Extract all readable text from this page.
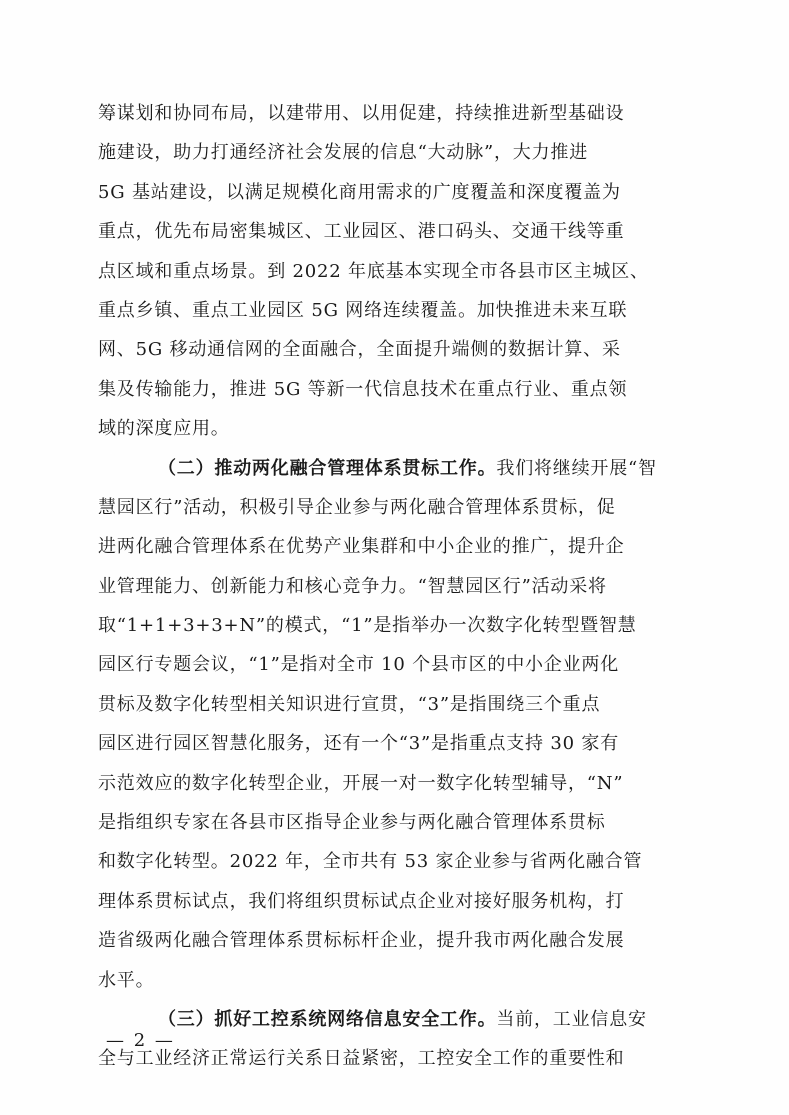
筹谋划和协同布局，以建带用、以用促建，持续推进新型基础设
施建设，助力打通经济社会发展的信息“大动脉”，大力推进
5G 基站建设，以满足规模化商用需求的广度覆盖和深度覆盖为
重点，优先布局密集城区、工业园区、港口码头、交通干线等重
点区域和重点场景。到 2022 年底基本实现全市各县市区主城区、
重点乡镇、重点工业园区 5G 网络连续覆盖。加快推进未来互联
网、5G 移动通信网的全面融合，全面提升端侧的数据计算、采
集及传输能力，推进 5G 等新一代信息技术在重点行业、重点领
域的深度应用。
（二）推动两化融合管理体系贯标工作。我们将继续开展“智
慧园区行”活动，积极引导企业参与两化融合管理体系贯标，促
进两化融合管理体系在优势产业集群和中小企业的推广，提升企
业管理能力、创新能力和核心竞争力。“智慧园区行”活动采将
取“1+1+3+3+N”的模式，“1”是指举办一次数字化转型暨智慧
园区行专题会议，“1”是指对全市 10 个县市区的中小企业两化
贯标及数字化转型相关知识进行宣贯，“3”是指围绕三个重点
园区进行园区智慧化服务，还有一个“3”是指重点支持 30 家有
示范效应的数字化转型企业，开展一对一数字化转型辅导，“N”
是指组织专家在各县市区指导企业参与两化融合管理体系贯标
和数字化转型。2022 年，全市共有 53 家企业参与省两化融合管
理体系贯标试点，我们将组织贯标试点企业对接好服务机构，打
造省级两化融合管理体系贯标标杆企业，提升我市两化融合发展
水平。
（三）抓好工控系统网络信息安全工作。当前，工业信息安
全与工业经济正常运行关系日益紧密，工控安全工作的重要性和
— 2 —
